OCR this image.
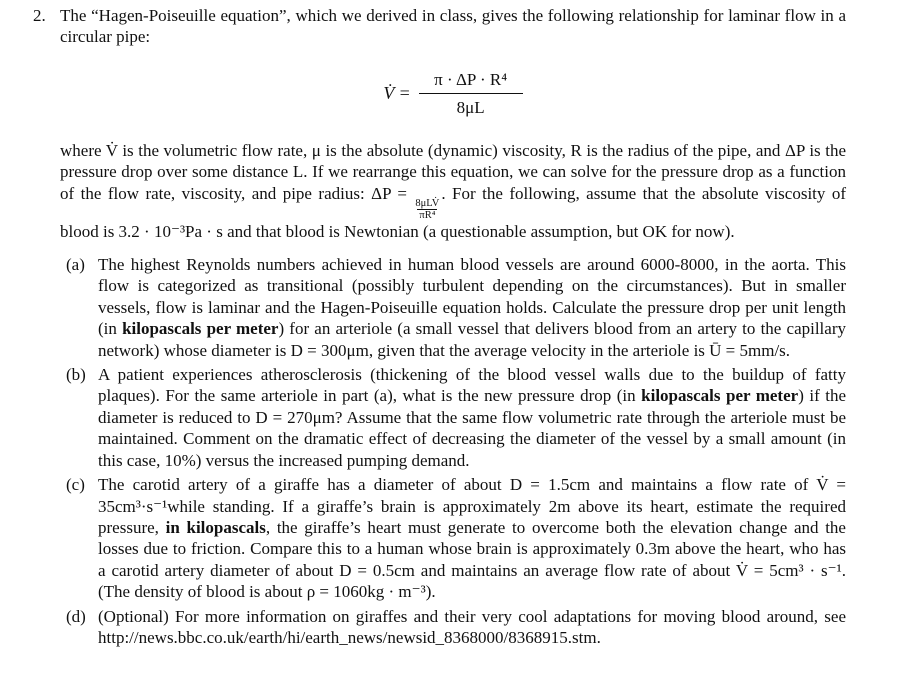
2. The “Hagen-Poiseuille equation”, which we derived in class, gives the following relationship for laminar flow in a circular pipe:

V̇ = $\frac{\text{π · ΔP · R⁴}}{8\mu L}$

where V̇ is the volumetric flow rate, μ is the absolute (dynamic) viscosity, R is the radius of the pipe, and ΔP is the pressure drop over some distance L. If we rearrange this equation, we can solve for the pressure drop as a function of the flow rate, viscosity, and pipe radius: ΔP =
8μLV̇
πR⁴
. For the following, assume that the absolute viscosity of blood is 3.2 · 10⁻³Pa · s and that blood is Newtonian (a questionable assumption, but OK for now).

(a) The highest Reynolds numbers achieved in human blood vessels are around 6000-8000, in the aorta. This flow is categorized as transitional (possibly turbulent depending on the circumstances). But in smaller vessels, flow is laminar and the Hagen-Poiseuille equation holds. Calculate the pressure drop per unit length (in kilopascals per meter) for an arteriole (a small vessel that delivers blood from an artery to the capillary network) whose diameter is D = 300μm, given that the average velocity in the arteriole is Ū = 5mm/s.

(b) A patient experiences atherosclerosis (thickening of the blood vessel walls due to the buildup of fatty plaques). For the same arteriole in part (a), what is the new pressure drop (in kilopascals per meter) if the diameter is reduced to D = 270μm? Assume that the same flow volumetric rate through the arteriole must be maintained. Comment on the dramatic effect of decreasing the diameter of the vessel by a small amount (in this case, 10%) versus the increased pumping demand.

(c) The carotid artery of a giraffe has a diameter of about D = 1.5cm and maintains a flow rate of V̇ = 35cm³·s⁻¹while standing. If a giraffe’s brain is approximately 2m above its heart, estimate the required pressure, in kilopascals, the giraffe’s heart must generate to overcome both the elevation change and the losses due to friction. Compare this to a human whose brain is approximately 0.3m above the heart, who has a carotid artery diameter of about D = 0.5cm and maintains an average flow rate of about V̇ = 5cm³ · s⁻¹. (The density of blood is about ρ = 1060kg · m⁻³).

(d) (Optional) For more information on giraffes and their very cool adaptations for moving blood around, see http://news.bbc.co.uk/earth/hi/earth_news/newsid_8368000/8368915.stm.
